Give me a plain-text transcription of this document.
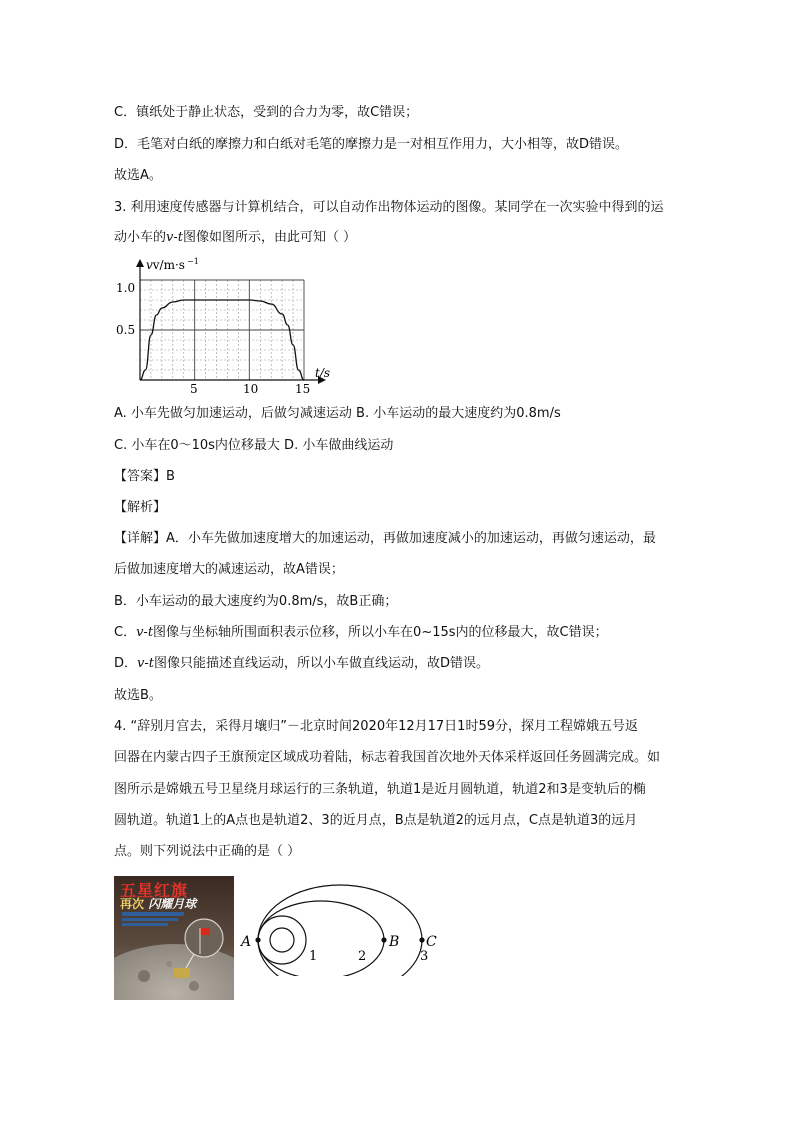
C．镇纸处于静止状态，受到的合力为零，故C错误；
D．毛笔对白纸的摩擦力和白纸对毛笔的摩擦力是一对相互作用力，大小相等，故D错误。
故选A。
3. 利用速度传感器与计算机结合，可以自动作出物体运动的图像。某同学在一次实验中得到的运
动小车的v-t图像如图所示，由此可知（ ）
vv/m·s −1
1.0
0.5
5	10	15
t/s
A. 小车先做匀加速运动，后做匀减速运动 B. 小车运动的最大速度约为0.8m/s
C. 小车在0～10s内位移最大 D. 小车做曲线运动
【答案】B
【解析】
【详解】A．小车先做加速度增大的加速运动，再做加速度减小的加速运动，再做匀速运动，最
后做加速度增大的减速运动，故A错误；
B．小车运动的最大速度约为0.8m/s，故B正确；
C．v-t图像与坐标轴所围面积表示位移，所以小车在0~15s内的位移最大，故C错误；
D．v-t图像只能描述直线运动，所以小车做直线运动，故D错误。
故选B。
4. “辞别月宫去，采得月壤归”－北京时间2020年12月17日1时59分，探月工程嫦娥五号返
回器在内蒙古四子王旗预定区域成功着陆，标志着我国首次地外天体采样返回任务圆满完成。如
图所示是嫦娥五号卫星绕月球运行的三条轨道，轨道1是近月圆轨道，轨道2和3是变轨后的椭
圆轨道。轨道1上的A点也是轨道2、3的近月点，B点是轨道2的远月点，C点是轨道3的远月
点。则下列说法中正确的是（ ）
五星红旗
再次 闪耀月球
A	B C
1	2	3
